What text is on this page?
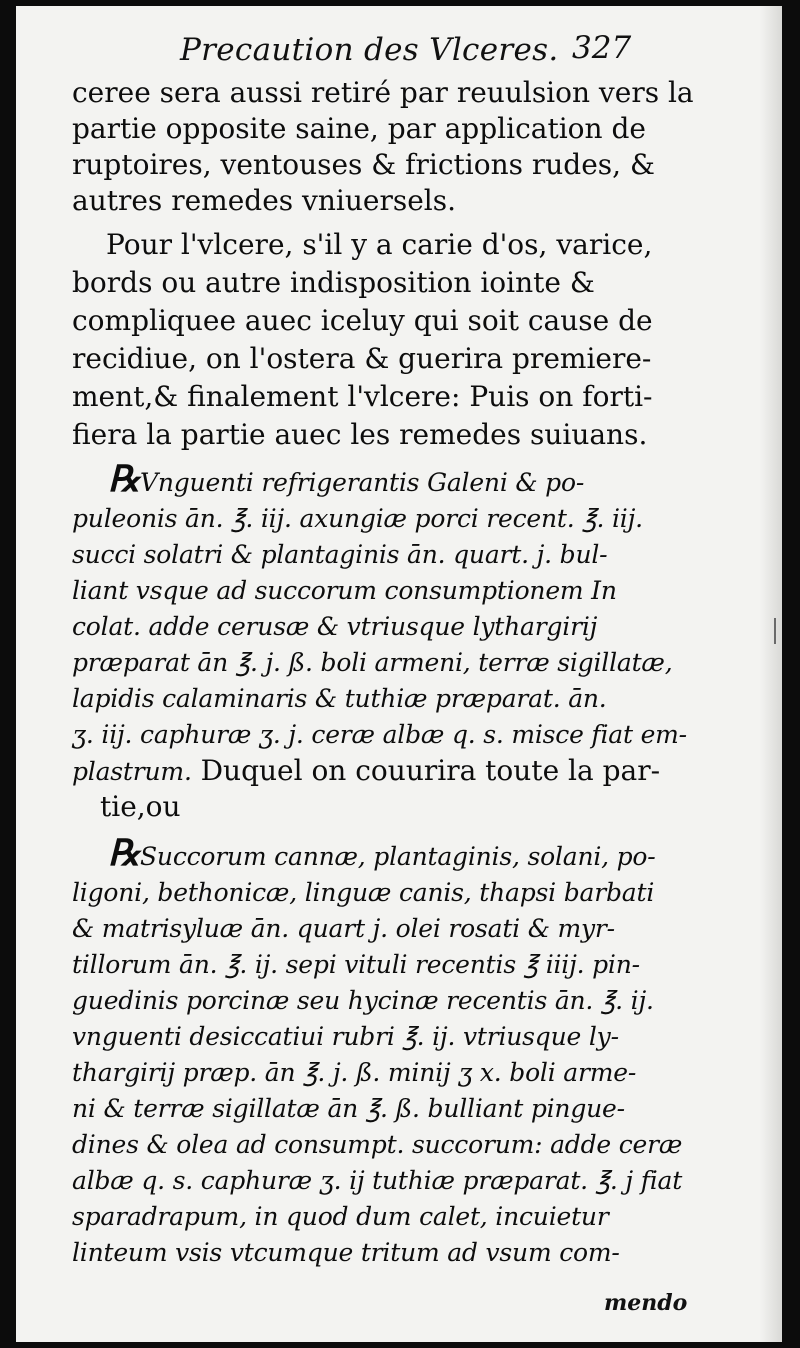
Precaution des Vlceres. 327
ceree sera aussi retiré par reuulsion vers la
partie opposite saine, par application de
ruptoires, ventouses & frictions rudes, &
autres remedes vniuersels.
Pour l'vlcere, s'il y a carie d'os, varice,
bords ou autre indisposition iointe &
compliquee auec iceluy qui soit cause de
recidiue, on l'ostera & guerira premiere-
ment,& finalement l'vlcere: Puis on forti-
fiera la partie auec les remedes suiuans.
℞ Vnguenti refrigerantis Galeni & po-
puleonis ān. ℥. iij. axungiæ porci recent. ℥. iij.
succi solatri & plantaginis ān. quart. j. bul-
liant vsque ad succorum consumptionem In
colat. adde cerusæ & vtriusque lythargirij
præparat ān ℥. j. ß. boli armeni, terræ sigillatæ,
lapidis calaminaris & tuthiæ præparat. ān.
ʒ. iij. caphuræ ʒ. j. ceræ albæ q. s. misce fiat em-
plastrum. Duquel on couurira toute la par-
tie,ou
℞ Succorum cannæ, plantaginis, solani, po-
ligoni, bethonicæ, linguæ canis, thapsi barbati
& matrisyluæ ān. quart j. olei rosati & myr-
tillorum ān. ℥. ij. sepi vituli recentis ℥ iiij. pin-
guedinis porcinæ seu hycinæ recentis ān. ℥. ij.
vnguenti desiccatiui rubri ℥. ij. vtriusque ly-
thargirij præp. ān ℥. j. ß. minij ʒ x. boli arme-
ni & terræ sigillatæ ān ℥. ß. bulliant pingue-
dines & olea ad consumpt. succorum: adde ceræ
albæ q. s. caphuræ ʒ. ij tuthiæ præparat. ℥. j fiat
sparadrapum, in quod dum calet, incuietur
linteum vsis vtcumque tritum ad vsum com-
mendo
